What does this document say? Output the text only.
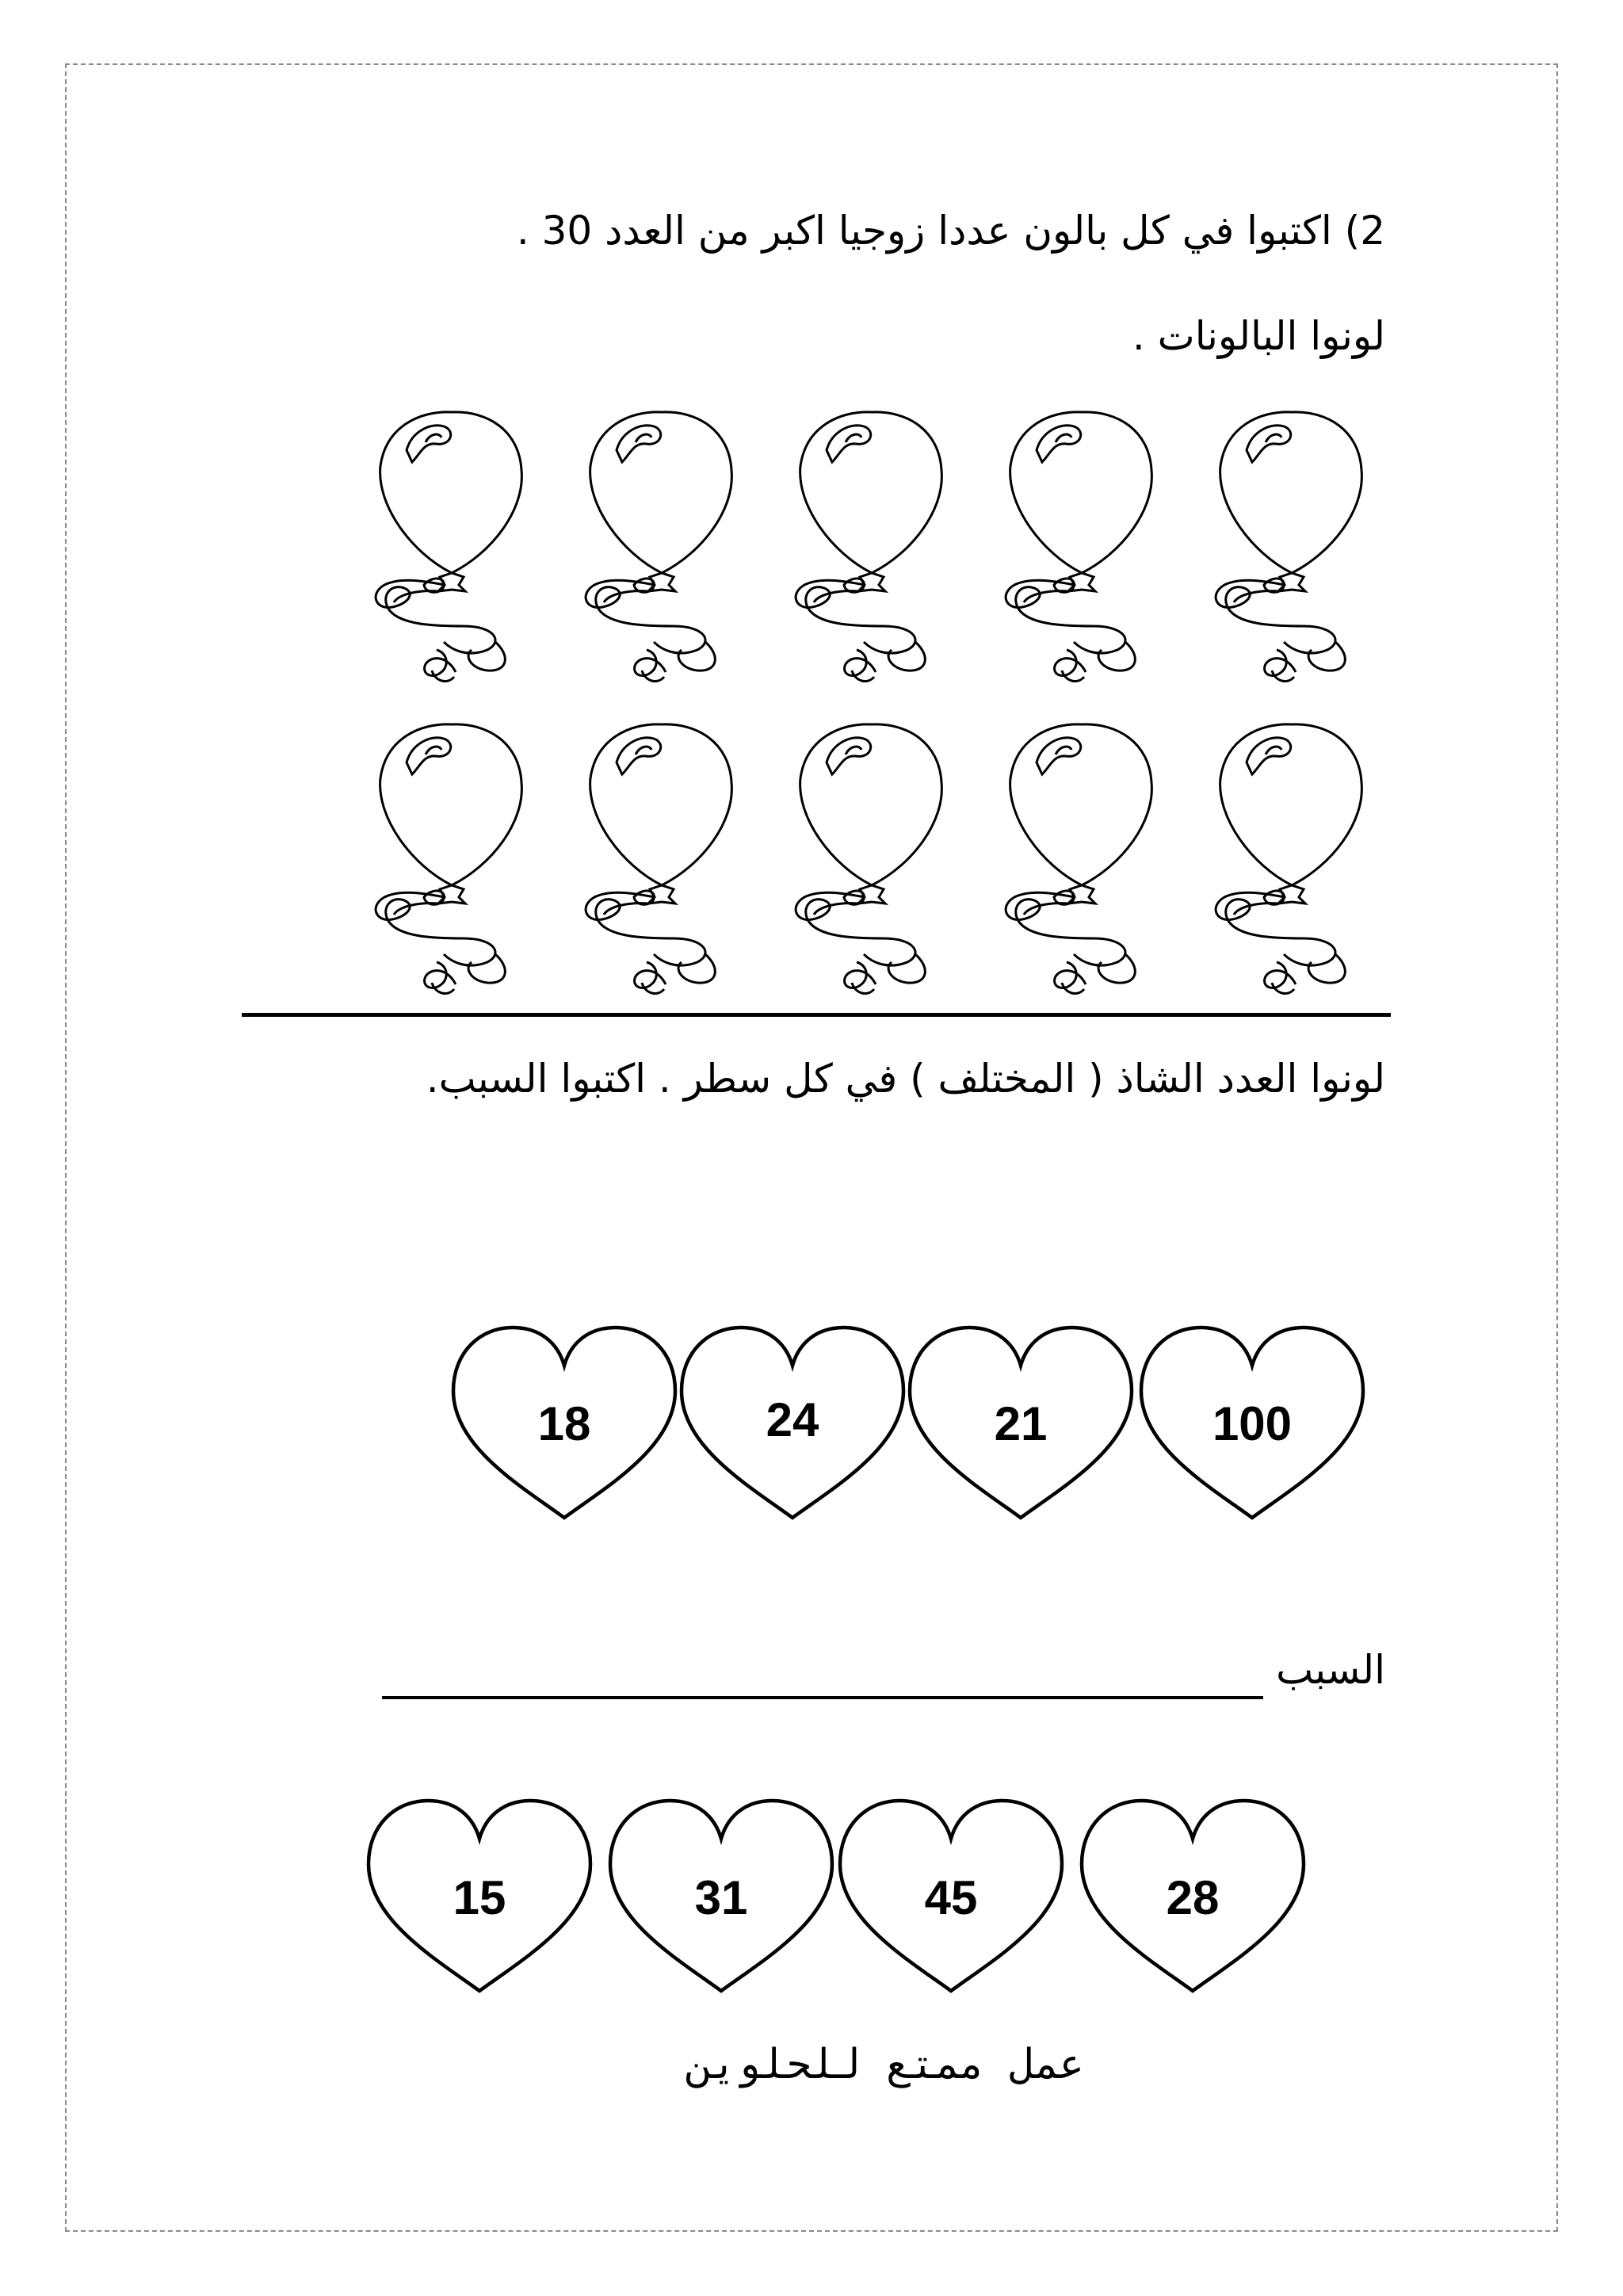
2) اكتبوا في كل بالون عددا زوجيا اكبر من العدد 30 .
لونوا البالونات .
100
21
24
18
28
45
31
15
لونوا العدد الشاذ ( المختلف ) في كل سطر . اكتبوا السبب.
السبب
عمل ممتع للحلوين
